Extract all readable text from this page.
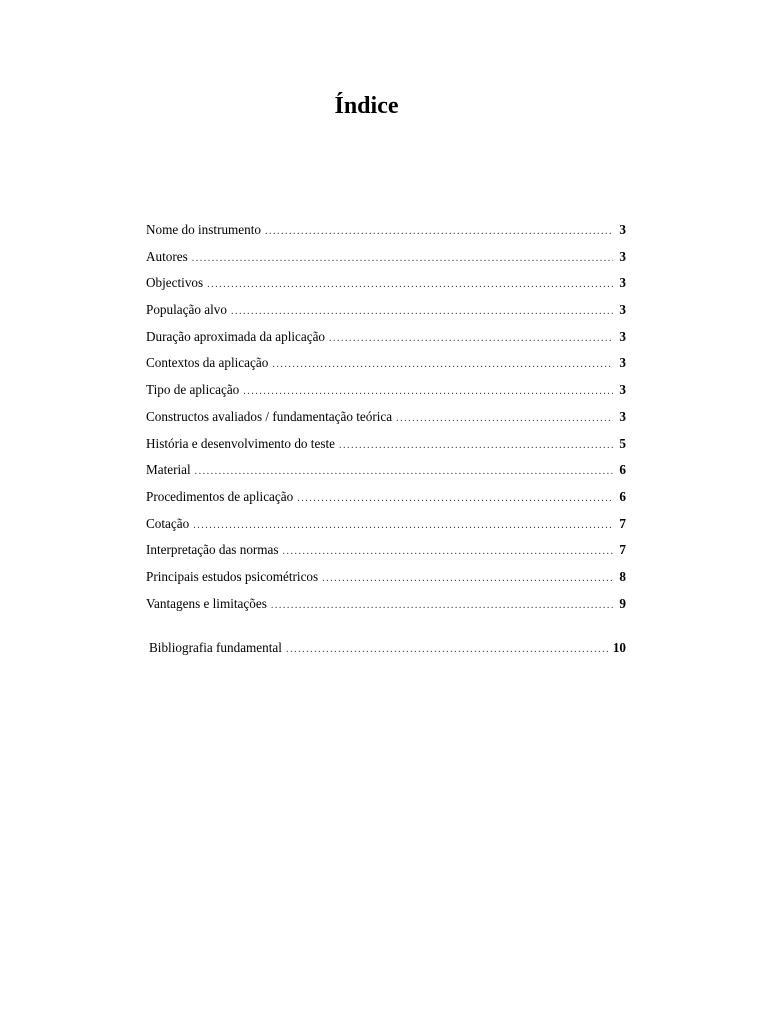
Índice
Nome do instrumento .....	3
Autores .....	3
Objectivos .....	3
População alvo .....	3
Duração aproximada da aplicação .....	3
Contextos da aplicação .....	3
Tipo de aplicação .....	3
Constructos avaliados / fundamentação teórica .....	3
História e desenvolvimento do teste .....	5
Material .....	6
Procedimentos de aplicação .....	6
Cotação .....	7
Interpretação das normas .....	7
Principais estudos psicométricos .....	8
Vantagens e limitações .....	9
Bibliografia fundamental .....	10
